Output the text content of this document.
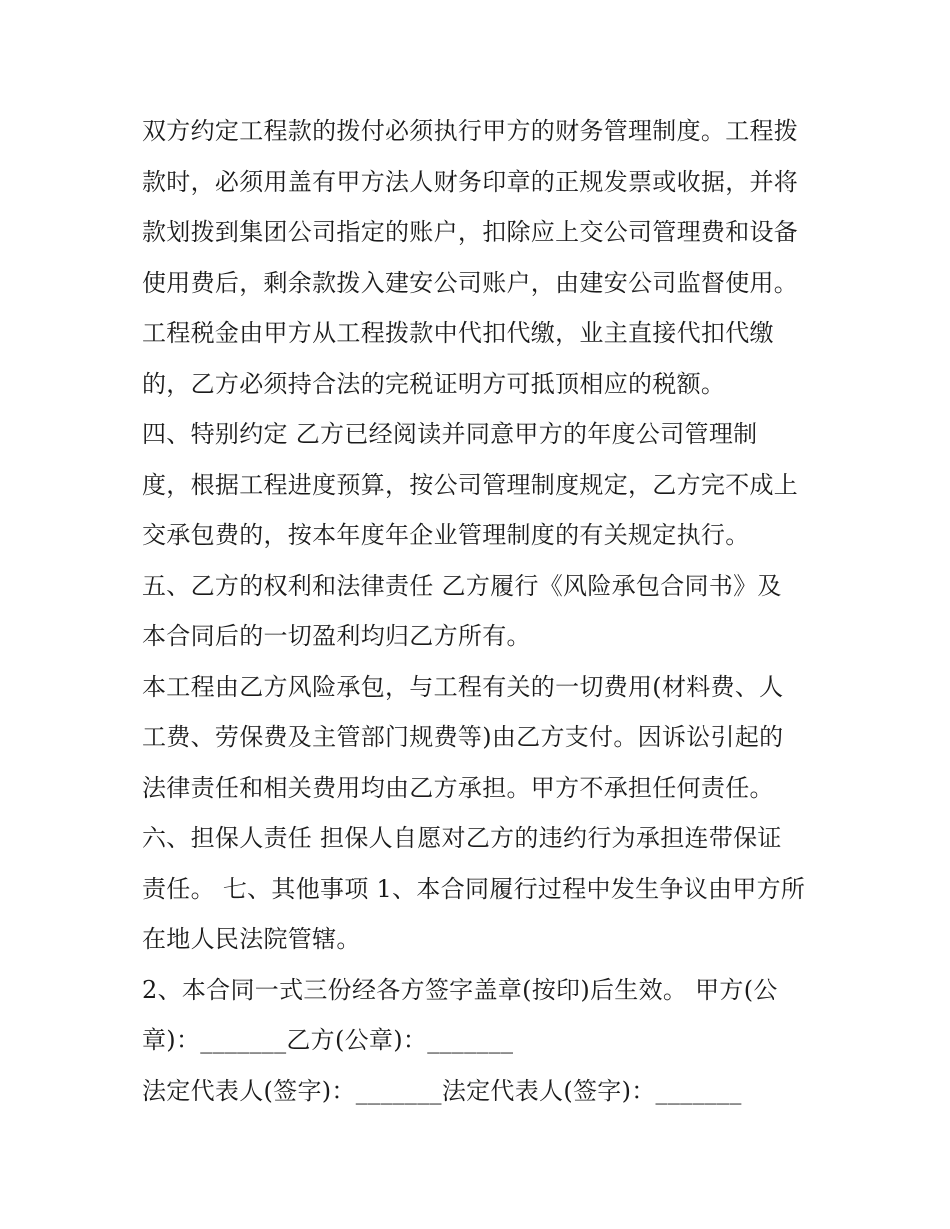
双方约定工程款的拨付必须执行甲方的财务管理制度。工程拨
款时，必须用盖有甲方法人财务印章的正规发票或收据，并将
款划拨到集团公司指定的账户，扣除应上交公司管理费和设备
使用费后，剩余款拨入建安公司账户，由建安公司监督使用。
工程税金由甲方从工程拨款中代扣代缴，业主直接代扣代缴
的，乙方必须持合法的完税证明方可抵顶相应的税额。
四、特别约定 乙方已经阅读并同意甲方的年度公司管理制
度，根据工程进度预算，按公司管理制度规定，乙方完不成上
交承包费的，按本年度年企业管理制度的有关规定执行。
五、乙方的权利和法律责任 乙方履行《风险承包合同书》及
本合同后的一切盈利均归乙方所有。
本工程由乙方风险承包，与工程有关的一切费用(材料费、人
工费、劳保费及主管部门规费等)由乙方支付。因诉讼引起的
法律责任和相关费用均由乙方承担。甲方不承担任何责任。
六、担保人责任 担保人自愿对乙方的违约行为承担连带保证
责任。 七、其他事项 1、本合同履行过程中发生争议由甲方所
在地人民法院管辖。
2、本合同一式三份经各方签字盖章(按印)后生效。 甲方(公
章)：_______乙方(公章)：_______
法定代表人(签字)：_______法定代表人(签字)：_______
